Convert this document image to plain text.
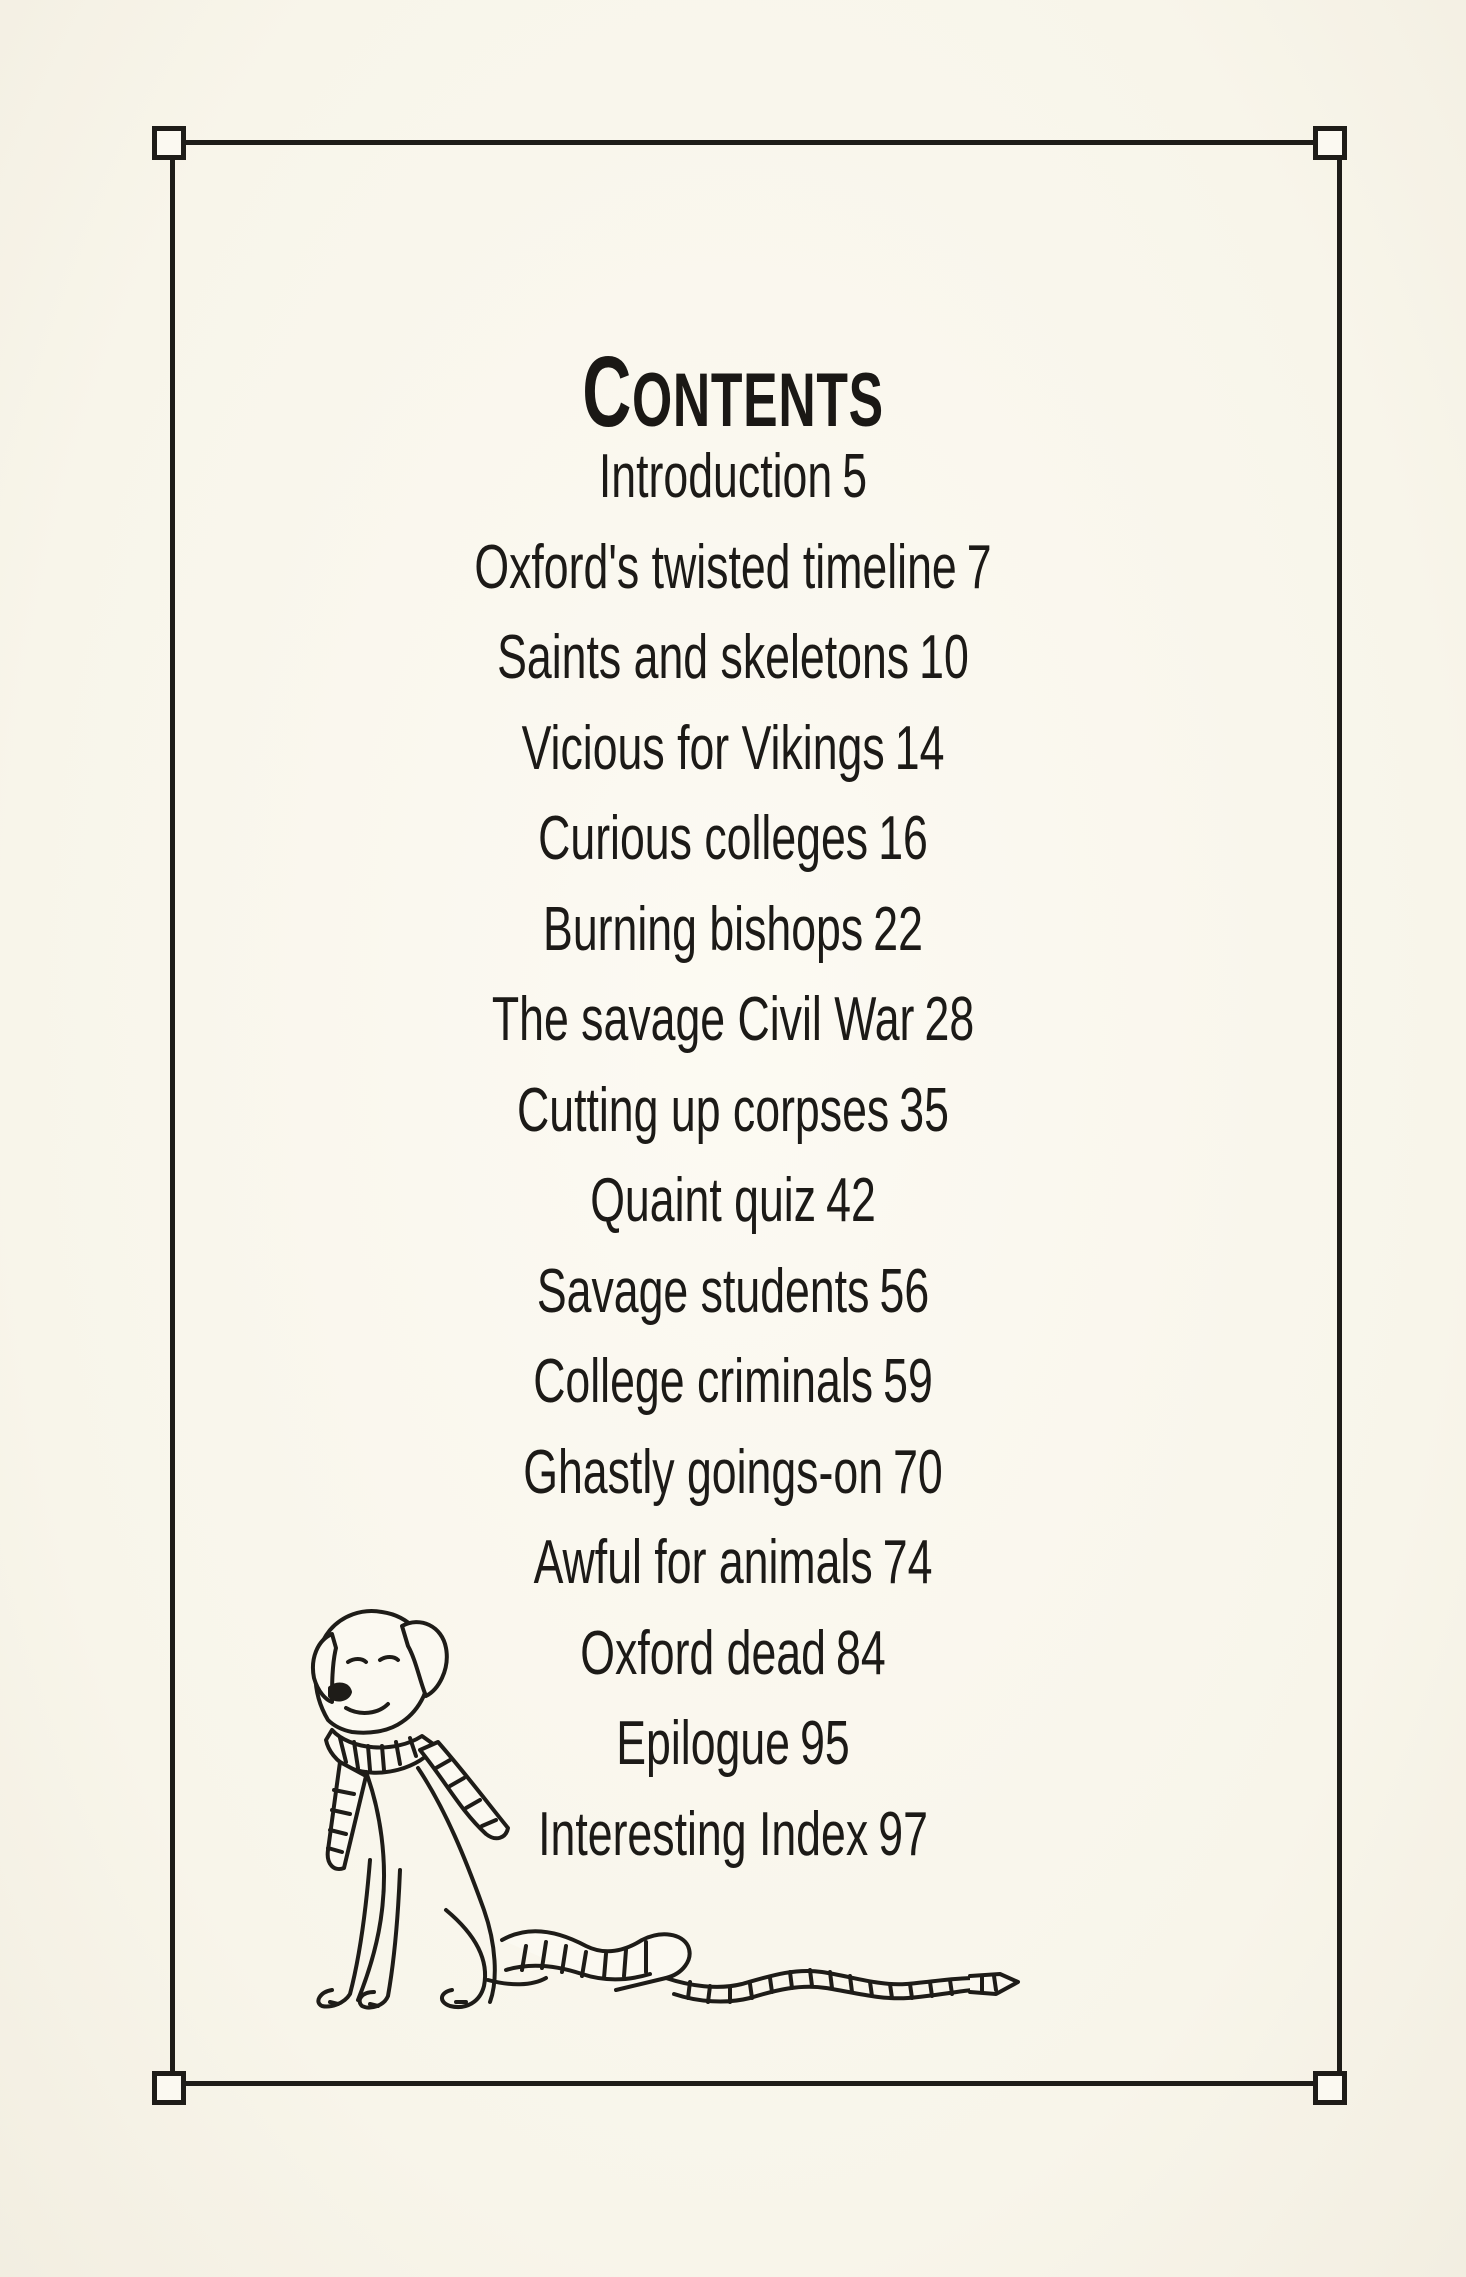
CONTENTS
Introduction 5
Oxford's twisted timeline 7
Saints and skeletons 10
Vicious for Vikings 14
Curious colleges 16
Burning bishops 22
The savage Civil War 28
Cutting up corpses 35
Quaint quiz 42
Savage students 56
College criminals 59
Ghastly goings-on 70
Awful for animals 74
Oxford dead 84
Epilogue 95
Interesting Index 97
